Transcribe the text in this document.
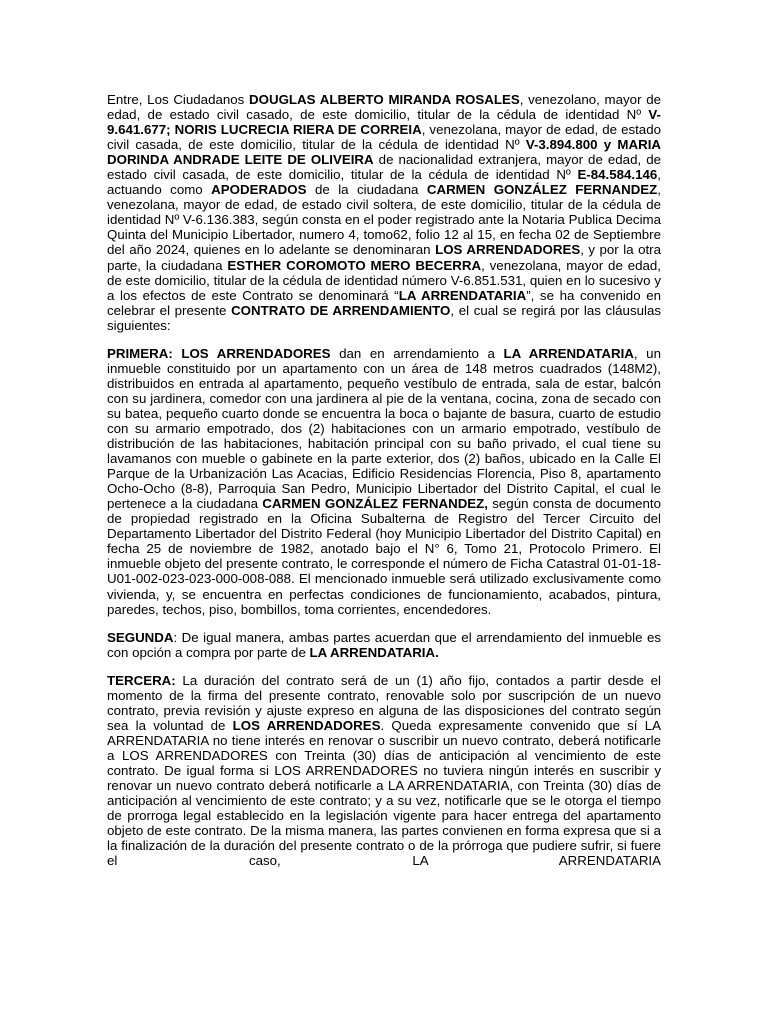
Entre, Los Ciudadanos DOUGLAS ALBERTO MIRANDA ROSALES, venezolano, mayor de edad, de estado civil casado, de este domicilio, titular de la cédula de identidad Nº V-9.641.677; NORIS LUCRECIA RIERA DE CORREIA, venezolana, mayor de edad, de estado civil casada, de este domicilio, titular de la cédula de identidad Nº V-3.894.800 y MARIA DORINDA ANDRADE LEITE DE OLIVEIRA de nacionalidad extranjera, mayor de edad, de estado civil casada, de este domicilio, titular de la cédula de identidad Nº E-84.584.146, actuando como APODERADOS de la ciudadana CARMEN GONZÁLEZ FERNANDEZ, venezolana, mayor de edad, de estado civil soltera, de este domicilio, titular de la cédula de identidad Nº V-6.136.383, según consta en el poder registrado ante la Notaria Publica Decima Quinta del Municipio Libertador, numero 4, tomo62, folio 12 al 15, en fecha 02 de Septiembre del año 2024, quienes en lo adelante se denominaran LOS ARRENDADORES, y por la otra parte, la ciudadana ESTHER COROMOTO MERO BECERRA, venezolana, mayor de edad, de este domicilio, titular de la cédula de identidad número V-6.851.531, quien en lo sucesivo y a los efectos de este Contrato se denominará “LA ARRENDATARIA”, se ha convenido en celebrar el presente CONTRATO DE ARRENDAMIENTO, el cual se regirá por las cláusulas siguientes:

PRIMERA: LOS ARRENDADORES dan en arrendamiento a LA ARRENDATARIA, un inmueble constituido por un apartamento con un área de 148 metros cuadrados (148M2), distribuidos en entrada al apartamento, pequeño vestíbulo de entrada, sala de estar, balcón con su jardinera, comedor con una jardinera al pie de la ventana, cocina, zona de secado con su batea, pequeño cuarto donde se encuentra la boca o bajante de basura, cuarto de estudio con su armario empotrado, dos (2) habitaciones con un armario empotrado, vestíbulo de distribución de las habitaciones, habitación principal con su baño privado, el cual tiene su lavamanos con mueble o gabinete en la parte exterior, dos (2) baños, ubicado en la Calle El Parque de la Urbanización Las Acacias, Edificio Residencias Florencia, Piso 8, apartamento Ocho-Ocho (8-8), Parroquia San Pedro, Municipio Libertador del Distrito Capital, el cual le pertenece a la ciudadana CARMEN GONZÁLEZ FERNANDEZ, según consta de documento de propiedad registrado en la Oficina Subalterna de Registro del Tercer Circuito del Departamento Libertador del Distrito Federal (hoy Municipio Libertador del Distrito Capital) en fecha 25 de noviembre de 1982, anotado bajo el N° 6, Tomo 21, Protocolo Primero. El inmueble objeto del presente contrato, le corresponde el número de Ficha Catastral 01-01-18- U01-002-023-023-000-008-088. El mencionado inmueble será utilizado exclusivamente como vivienda, y, se encuentra en perfectas condiciones de funcionamiento, acabados, pintura, paredes, techos, piso, bombillos, toma corrientes, encendedores.

SEGUNDA: De igual manera, ambas partes acuerdan que el arrendamiento del inmueble es con opción a compra por parte de LA ARRENDATARIA.

TERCERA: La duración del contrato será de un (1) año fijo, contados a partir desde el momento de la firma del presente contrato, renovable solo por suscripción de un nuevo contrato, previa revisión y ajuste expreso en alguna de las disposiciones del contrato según sea la voluntad de LOS ARRENDADORES. Queda expresamente convenido que sí LA ARRENDATARIA no tiene interés en renovar o suscribir un nuevo contrato, deberá notificarle a LOS ARRENDADORES con Treinta (30) días de anticipación al vencimiento de este contrato. De igual forma si LOS ARRENDADORES no tuviera ningún interés en suscribir y renovar un nuevo contrato deberá notificarle a LA ARRENDATARIA, con Treinta (30) días de anticipación al vencimiento de este contrato; y a su vez, notificarle que se le otorga el tiempo de prorroga legal establecido en la legislación vigente para hacer entrega del apartamento objeto de este contrato. De la misma manera, las partes convienen en forma expresa que si a la finalización de la duración del presente contrato o de la prórroga que pudiere sufrir, si fuere el caso, LA ARRENDATARIA
